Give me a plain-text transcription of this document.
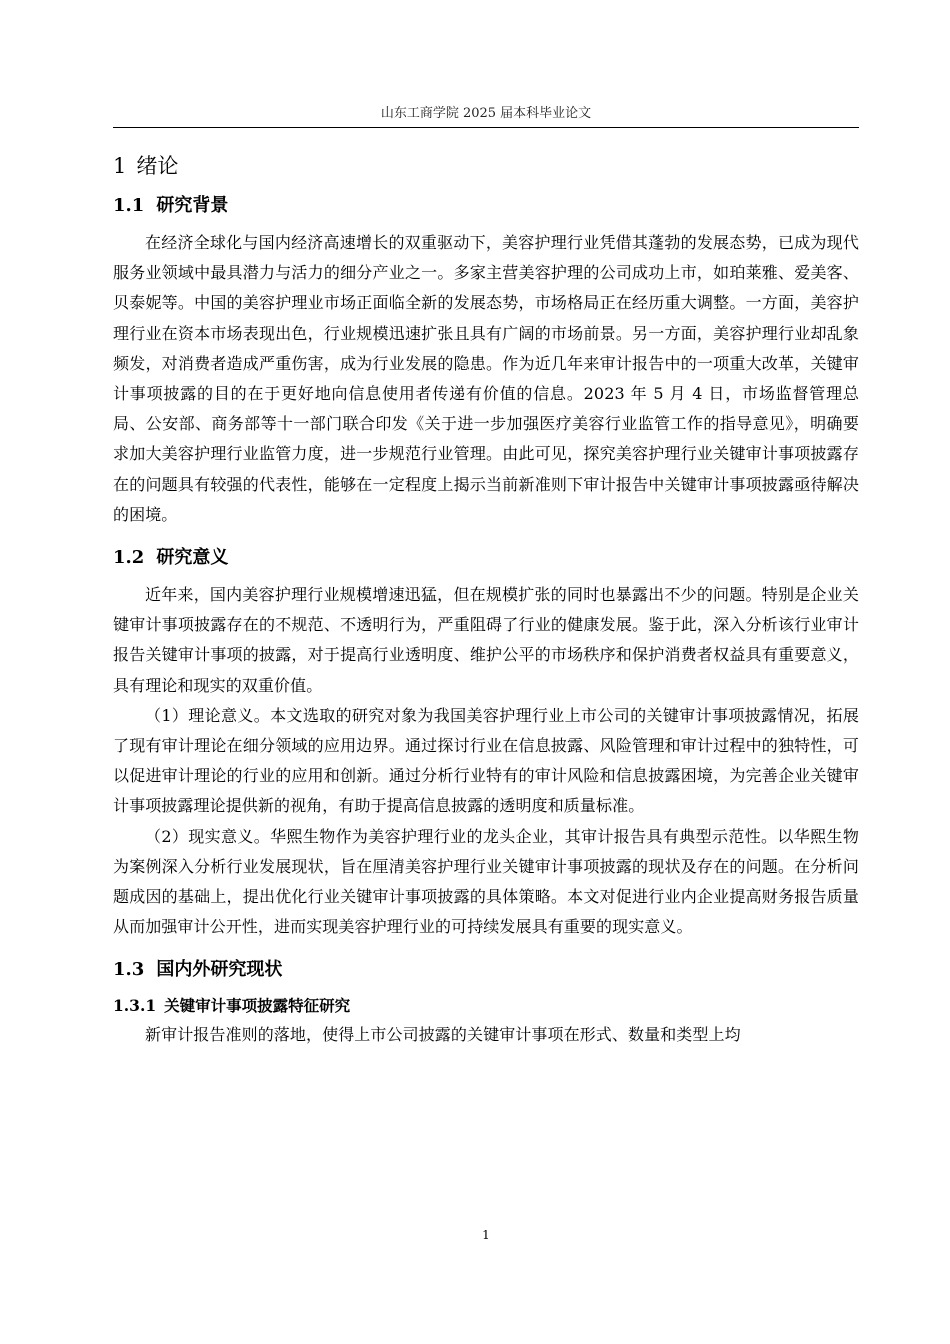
山东工商学院 2025 届本科毕业论文
1 绪论
1.1 研究背景

在经济全球化与国内经济高速增长的双重驱动下，美容护理行业凭借其蓬勃的发展态势，已成为现代服务业领域中最具潜力与活力的细分产业之一。多家主营美容护理的公司成功上市，如珀莱雅、爱美客、贝泰妮等。中国的美容护理业市场正面临全新的发展态势，市场格局正在经历重大调整。一方面，美容护理行业在资本市场表现出色，行业规模迅速扩张且具有广阔的市场前景。另一方面，美容护理行业却乱象频发，对消费者造成严重伤害，成为行业发展的隐患。作为近几年来审计报告中的一项重大改革，关键审计事项披露的目的在于更好地向信息使用者传递有价值的信息。2023 年 5 月 4 日，市场监督管理总局、公安部、商务部等十一部门联合印发《关于进一步加强医疗美容行业监管工作的指导意见》，明确要求加大美容护理行业监管力度，进一步规范行业管理。由此可见，探究美容护理行业关键审计事项披露存在的问题具有较强的代表性，能够在一定程度上揭示当前新准则下审计报告中关键审计事项披露亟待解决的困境。

1.2 研究意义

近年来，国内美容护理行业规模增速迅猛，但在规模扩张的同时也暴露出不少的问题。特别是企业关键审计事项披露存在的不规范、不透明行为，严重阻碍了行业的健康发展。鉴于此，深入分析该行业审计报告关键审计事项的披露，对于提高行业透明度、维护公平的市场秩序和保护消费者权益具有重要意义，具有理论和现实的双重价值。

（1）理论意义。本文选取的研究对象为我国美容护理行业上市公司的关键审计事项披露情况，拓展了现有审计理论在细分领域的应用边界。通过探讨行业在信息披露、风险管理和审计过程中的独特性，可以促进审计理论的行业的应用和创新。通过分析行业特有的审计风险和信息披露困境，为完善企业关键审计事项披露理论提供新的视角，有助于提高信息披露的透明度和质量标准。

（2）现实意义。华熙生物作为美容护理行业的龙头企业，其审计报告具有典型示范性。以华熙生物为案例深入分析行业发展现状，旨在厘清美容护理行业关键审计事项披露的现状及存在的问题。在分析问题成因的基础上，提出优化行业关键审计事项披露的具体策略。本文对促进行业内企业提高财务报告质量从而加强审计公开性，进而实现美容护理行业的可持续发展具有重要的现实意义。

1.3 国内外研究现状
1.3.1 关键审计事项披露特征研究

新审计报告准则的落地，使得上市公司披露的关键审计事项在形式、数量和类型上均

1
